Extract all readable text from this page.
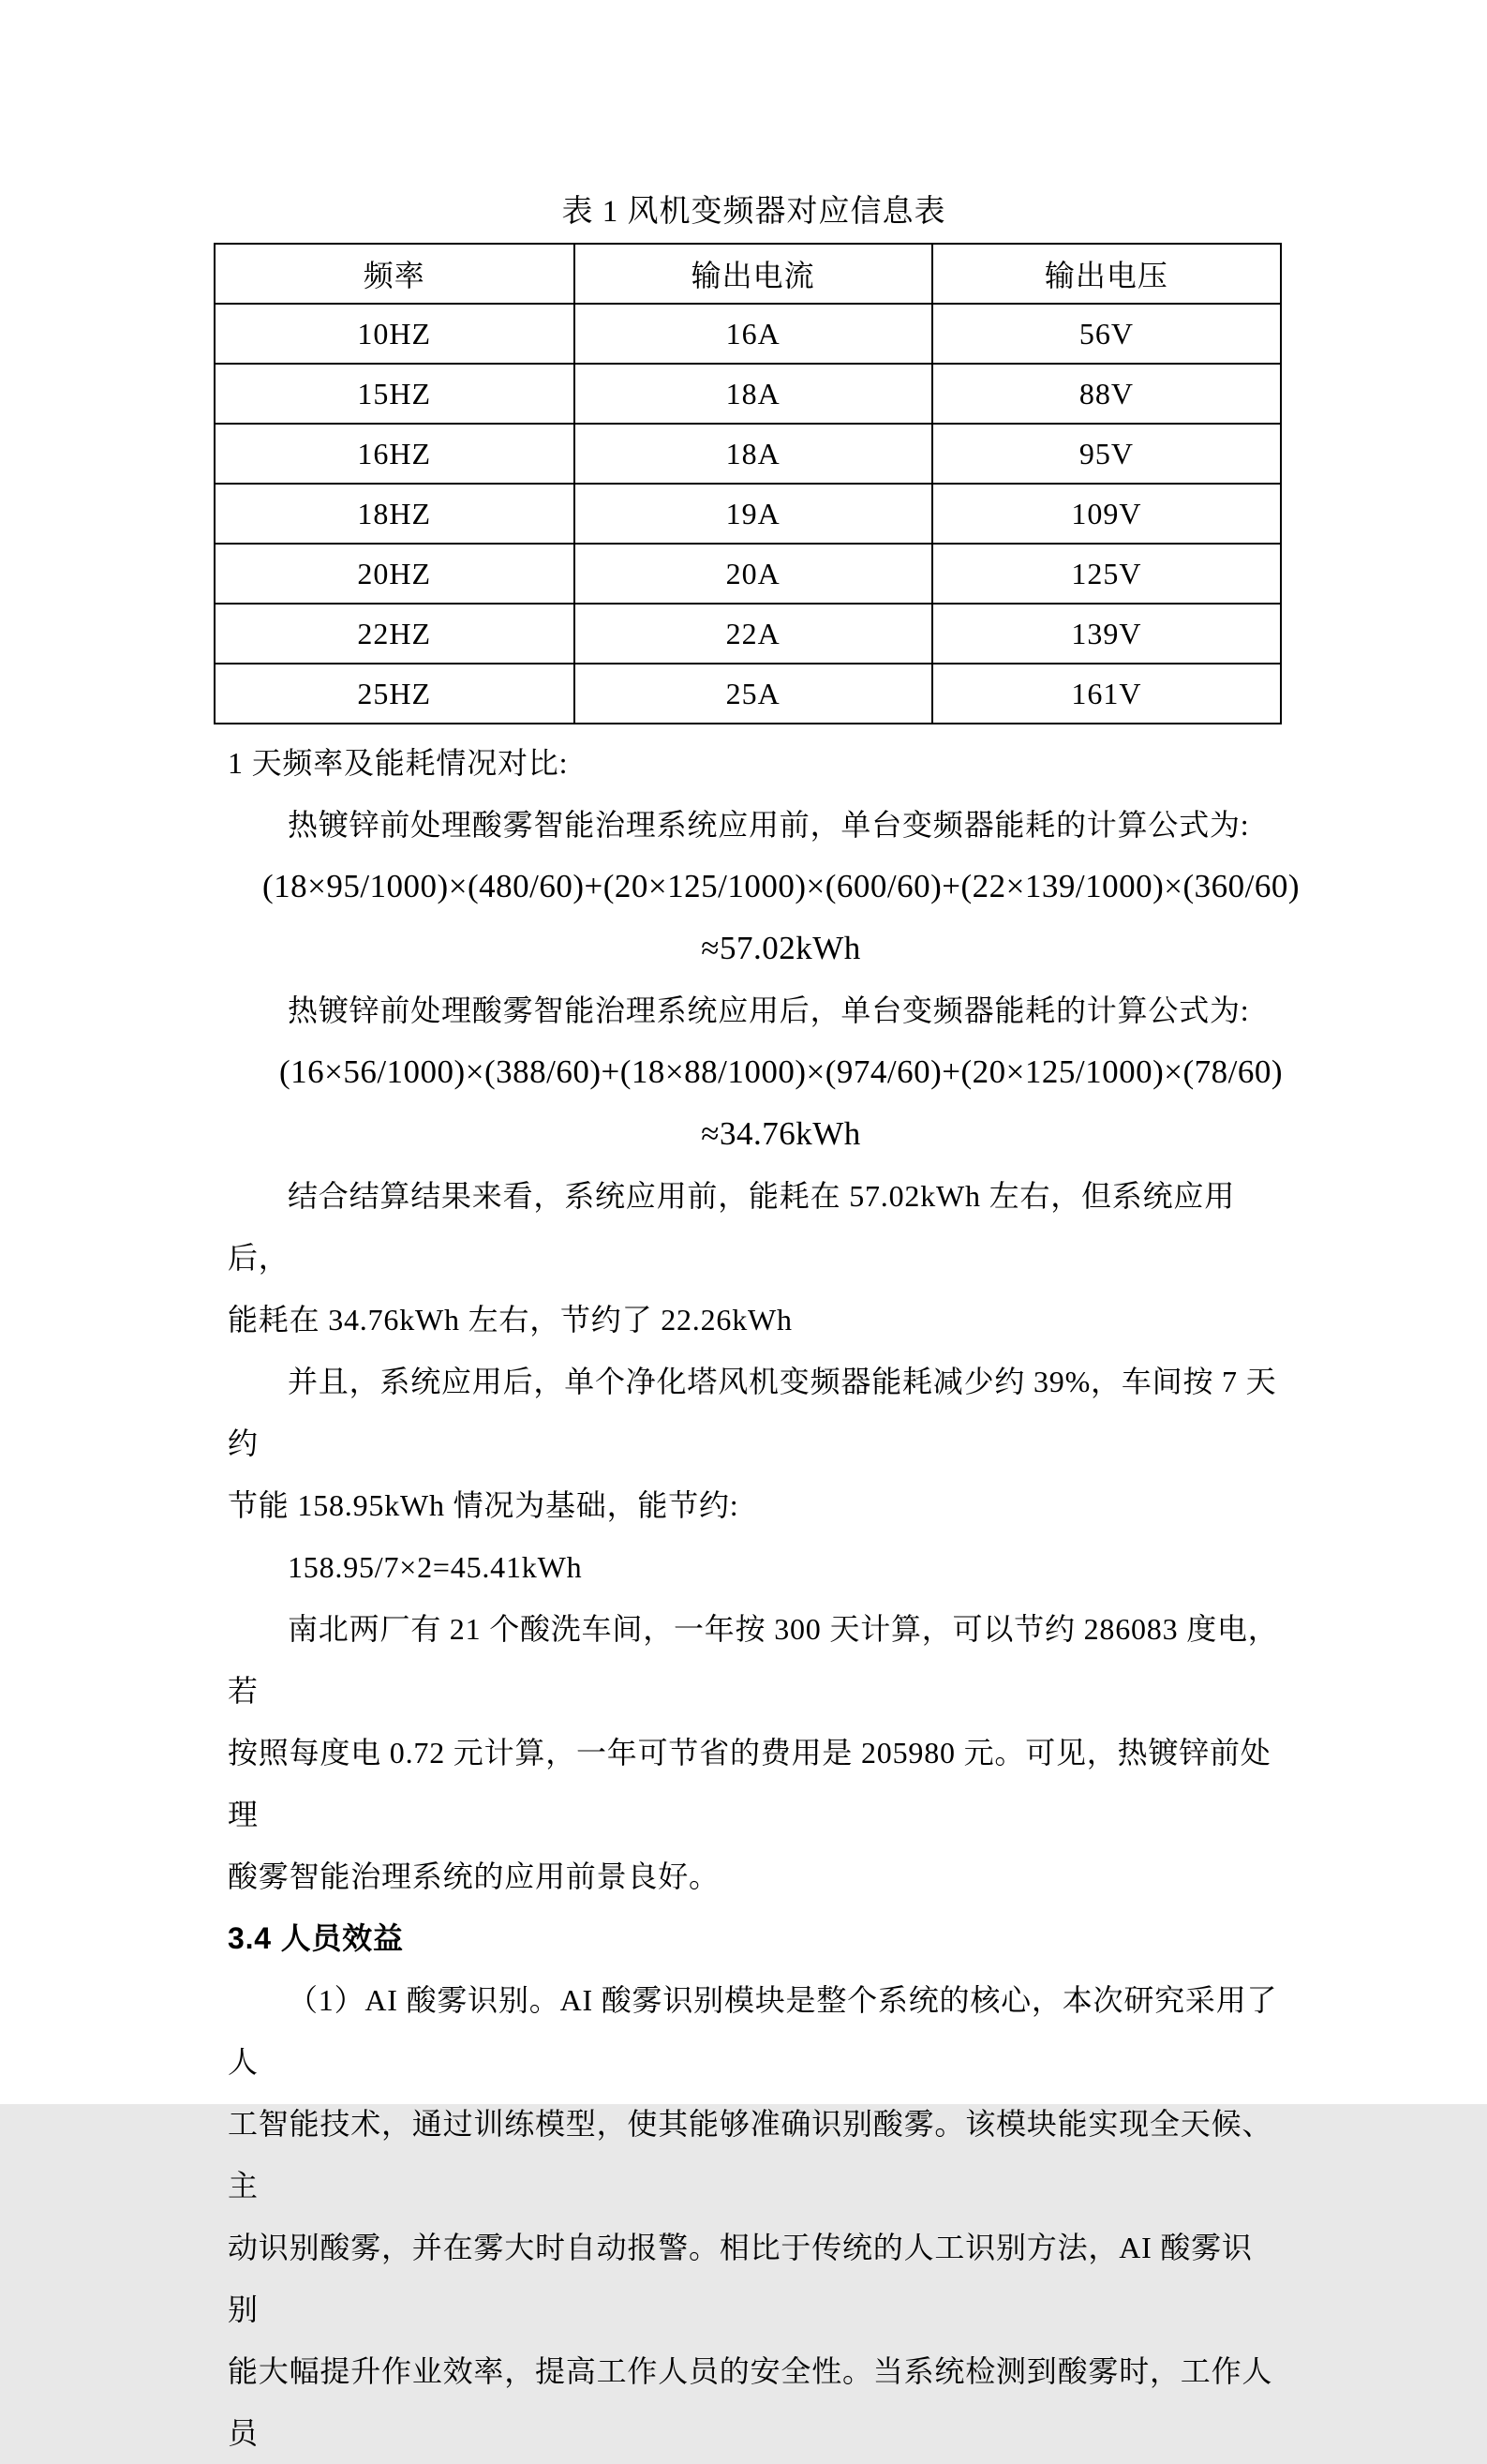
表 1 风机变频器对应信息表

频率	输出电流	输出电压
10HZ	16A	56V
15HZ	18A	88V
16HZ	18A	95V
18HZ	19A	109V
20HZ	20A	125V
22HZ	22A	139V
25HZ	25A	161V

1 天频率及能耗情况对比:

热镀锌前处理酸雾智能治理系统应用前，单台变频器能耗的计算公式为:

(18×95/1000)×(480/60)+(20×125/1000)×(600/60)+(22×139/1000)×(360/60)

≈57.02kWh

热镀锌前处理酸雾智能治理系统应用后，单台变频器能耗的计算公式为:

(16×56/1000)×(388/60)+(18×88/1000)×(974/60)+(20×125/1000)×(78/60)

≈34.76kWh

结合结算结果来看，系统应用前，能耗在 57.02kWh 左右，但系统应用后，

能耗在 34.76kWh 左右，节约了 22.26kWh

并且，系统应用后，单个净化塔风机变频器能耗减少约 39%，车间按 7 天约

节能 158.95kWh 情况为基础，能节约:

158.95/7×2=45.41kWh

南北两厂有 21 个酸洗车间，一年按 300 天计算，可以节约 286083 度电，若

按照每度电 0.72 元计算，一年可节省的费用是 205980 元。可见，热镀锌前处理

酸雾智能治理系统的应用前景良好。

3.4 人员效益

（1）AI 酸雾识别。AI 酸雾识别模块是整个系统的核心，本次研究采用了人

工智能技术，通过训练模型，使其能够准确识别酸雾。该模块能实现全天候、主

动识别酸雾，并在雾大时自动报警。相比于传统的人工识别方法，AI 酸雾识别

能大幅提升作业效率，提高工作人员的安全性。当系统检测到酸雾时，工作人员
